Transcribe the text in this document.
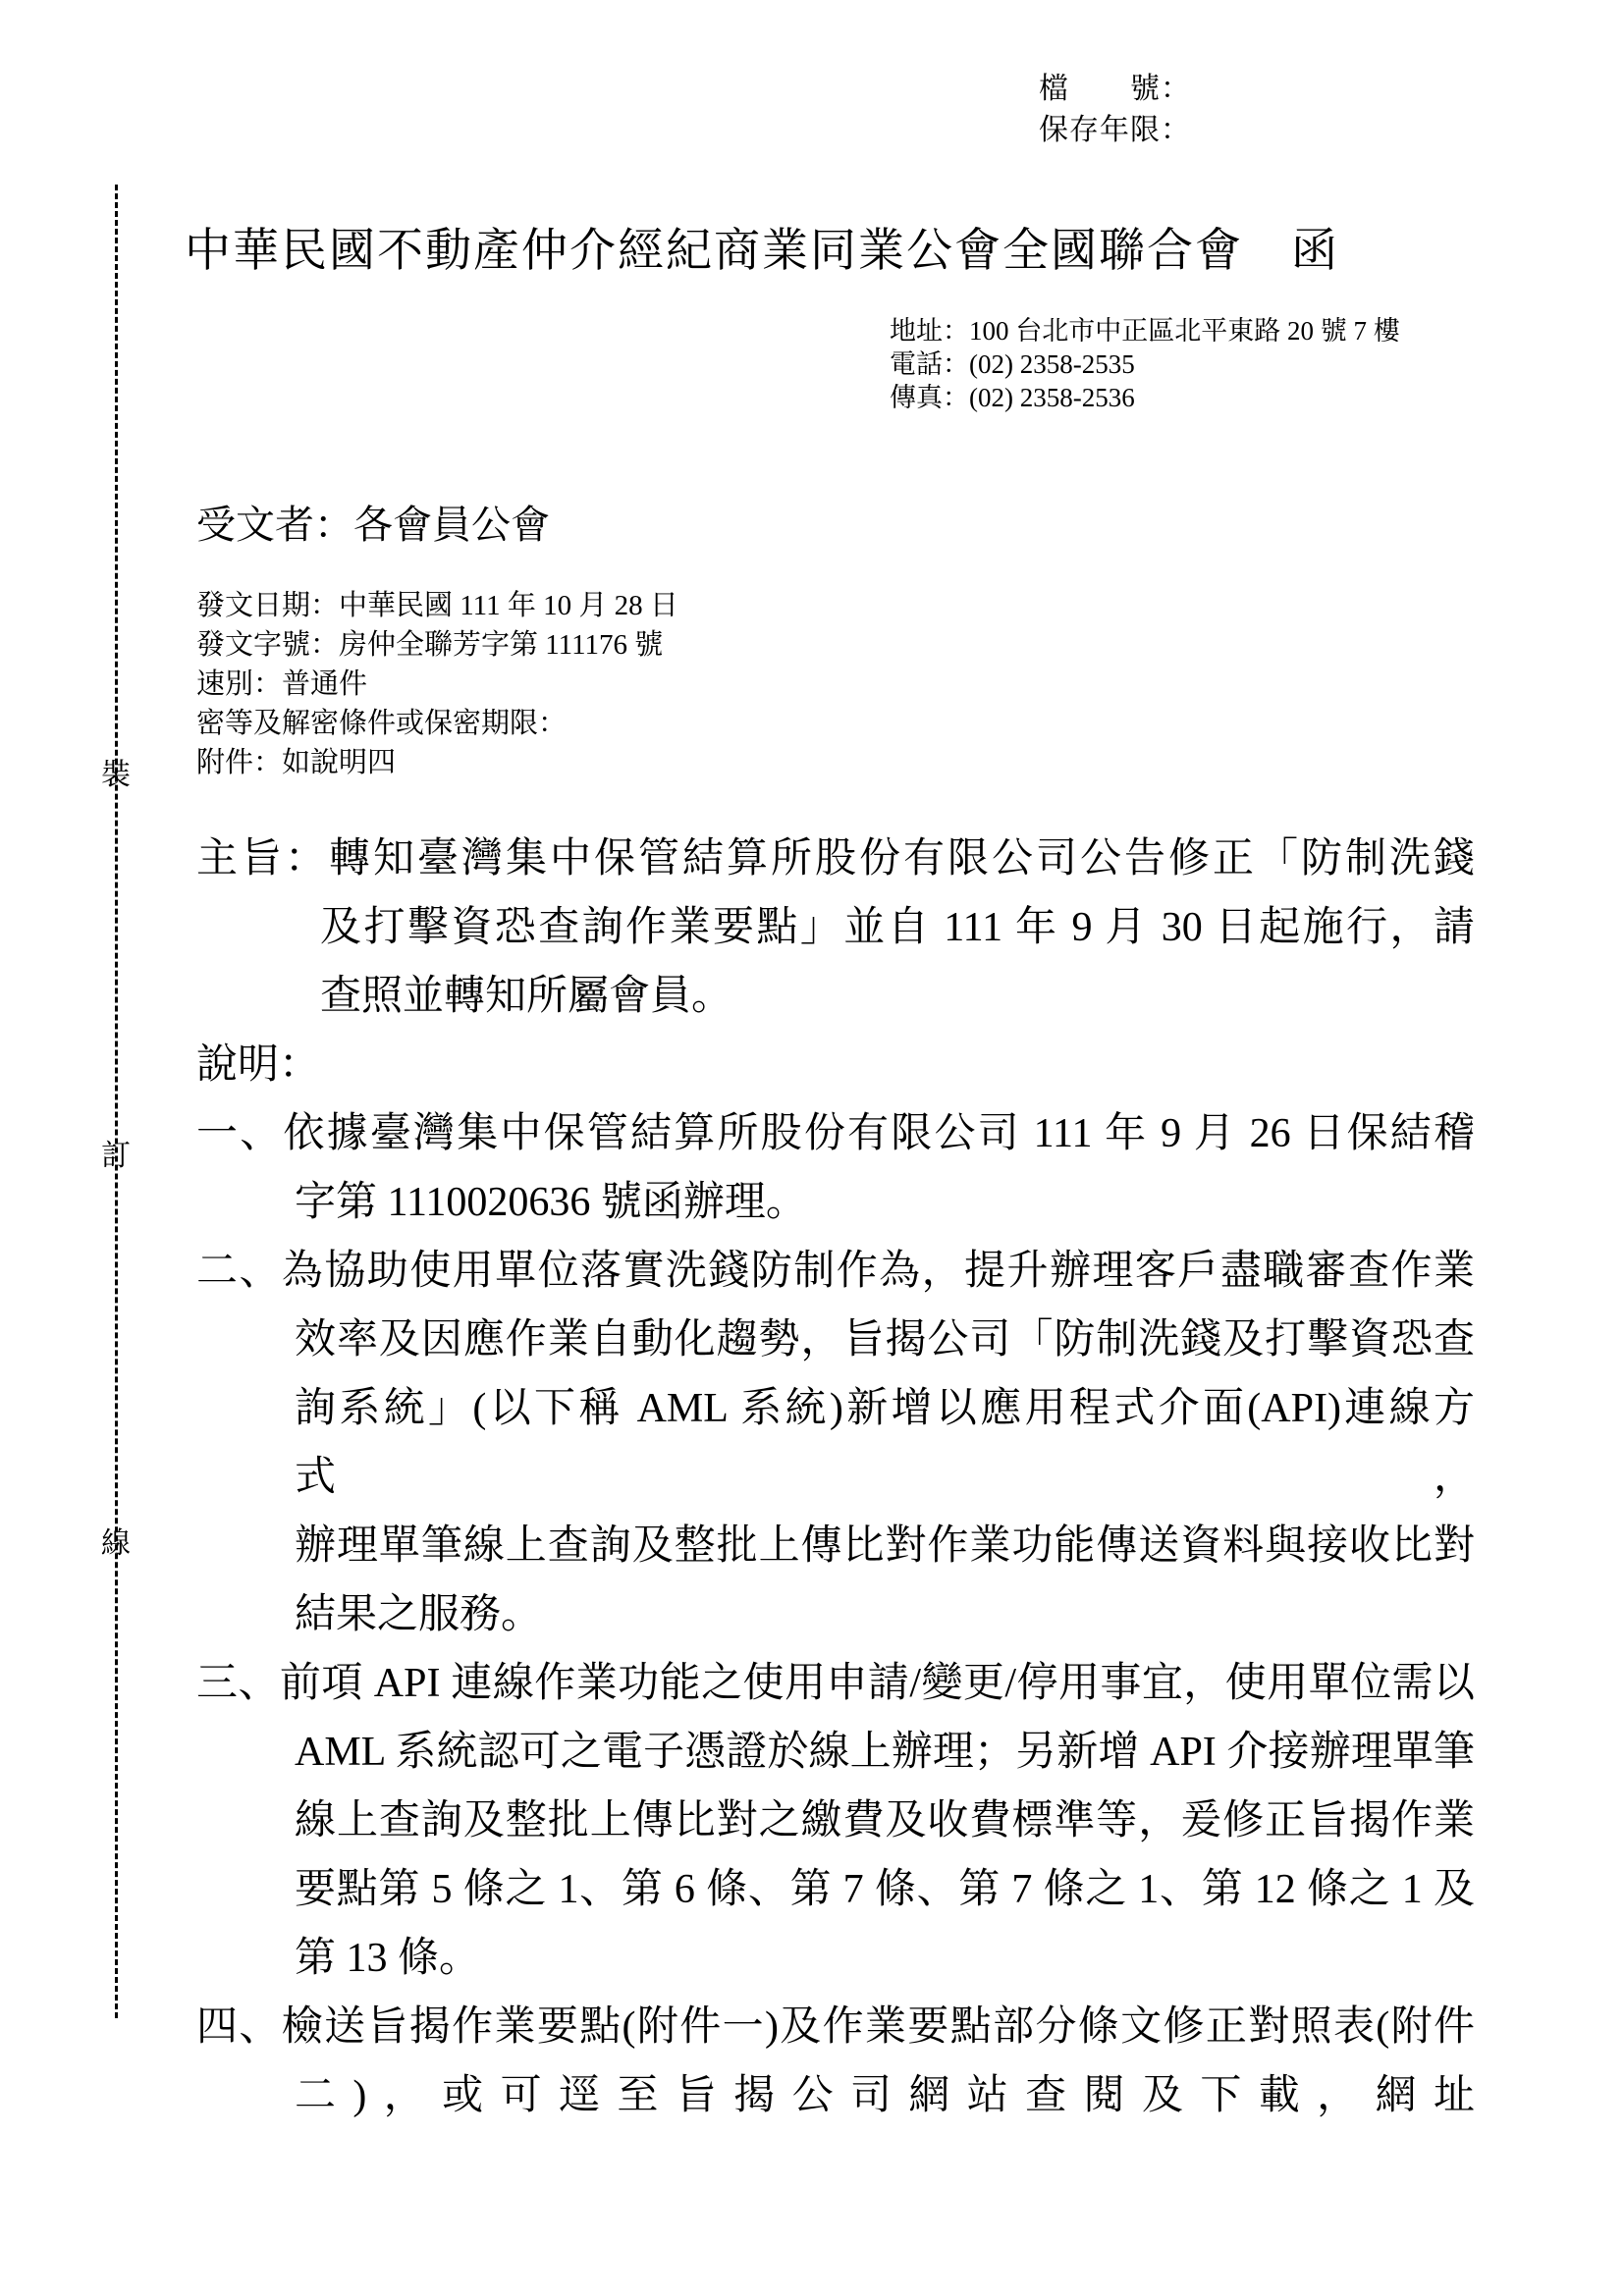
檔　　號：
保存年限：
裝
訂
線
中華民國不動產仲介經紀商業同業公會全國聯合會　函
地址：100 台北市中正區北平東路 20 號 7 樓
電話：(02) 2358-2535
傳真：(02) 2358-2536
受文者：各會員公會
發文日期：中華民國 111 年 10 月 28 日
發文字號：房仲全聯芳字第 111176 號
速別：普通件
密等及解密條件或保密期限：
附件：如說明四
主旨：轉知臺灣集中保管結算所股份有限公司公告修正「防制洗錢
及打擊資恐查詢作業要點」並自 111 年 9 月 30 日起施行，請
查照並轉知所屬會員。
說明：
一、依據臺灣集中保管結算所股份有限公司 111 年 9 月 26 日保結稽
字第 1110020636 號函辦理。
二、為協助使用單位落實洗錢防制作為，提升辦理客戶盡職審查作業
效率及因應作業自動化趨勢，旨揭公司「防制洗錢及打擊資恐查
詢系統」(以下稱 AML 系統)新增以應用程式介面(API)連線方式，
辦理單筆線上查詢及整批上傳比對作業功能傳送資料與接收比對
結果之服務。
三、前項 API 連線作業功能之使用申請/變更/停用事宜，使用單位需以
AML 系統認可之電子憑證於線上辦理；另新增 API 介接辦理單筆
線上查詢及整批上傳比對之繳費及收費標準等，爰修正旨揭作業
要點第 5 條之 1、第 6 條、第 7 條、第 7 條之 1、第 12 條之 1 及
第 13 條。
四、檢送旨揭作業要點(附件一)及作業要點部分條文修正對照表(附件
二)，或可逕至旨揭公司網站查閱及下載，網址
